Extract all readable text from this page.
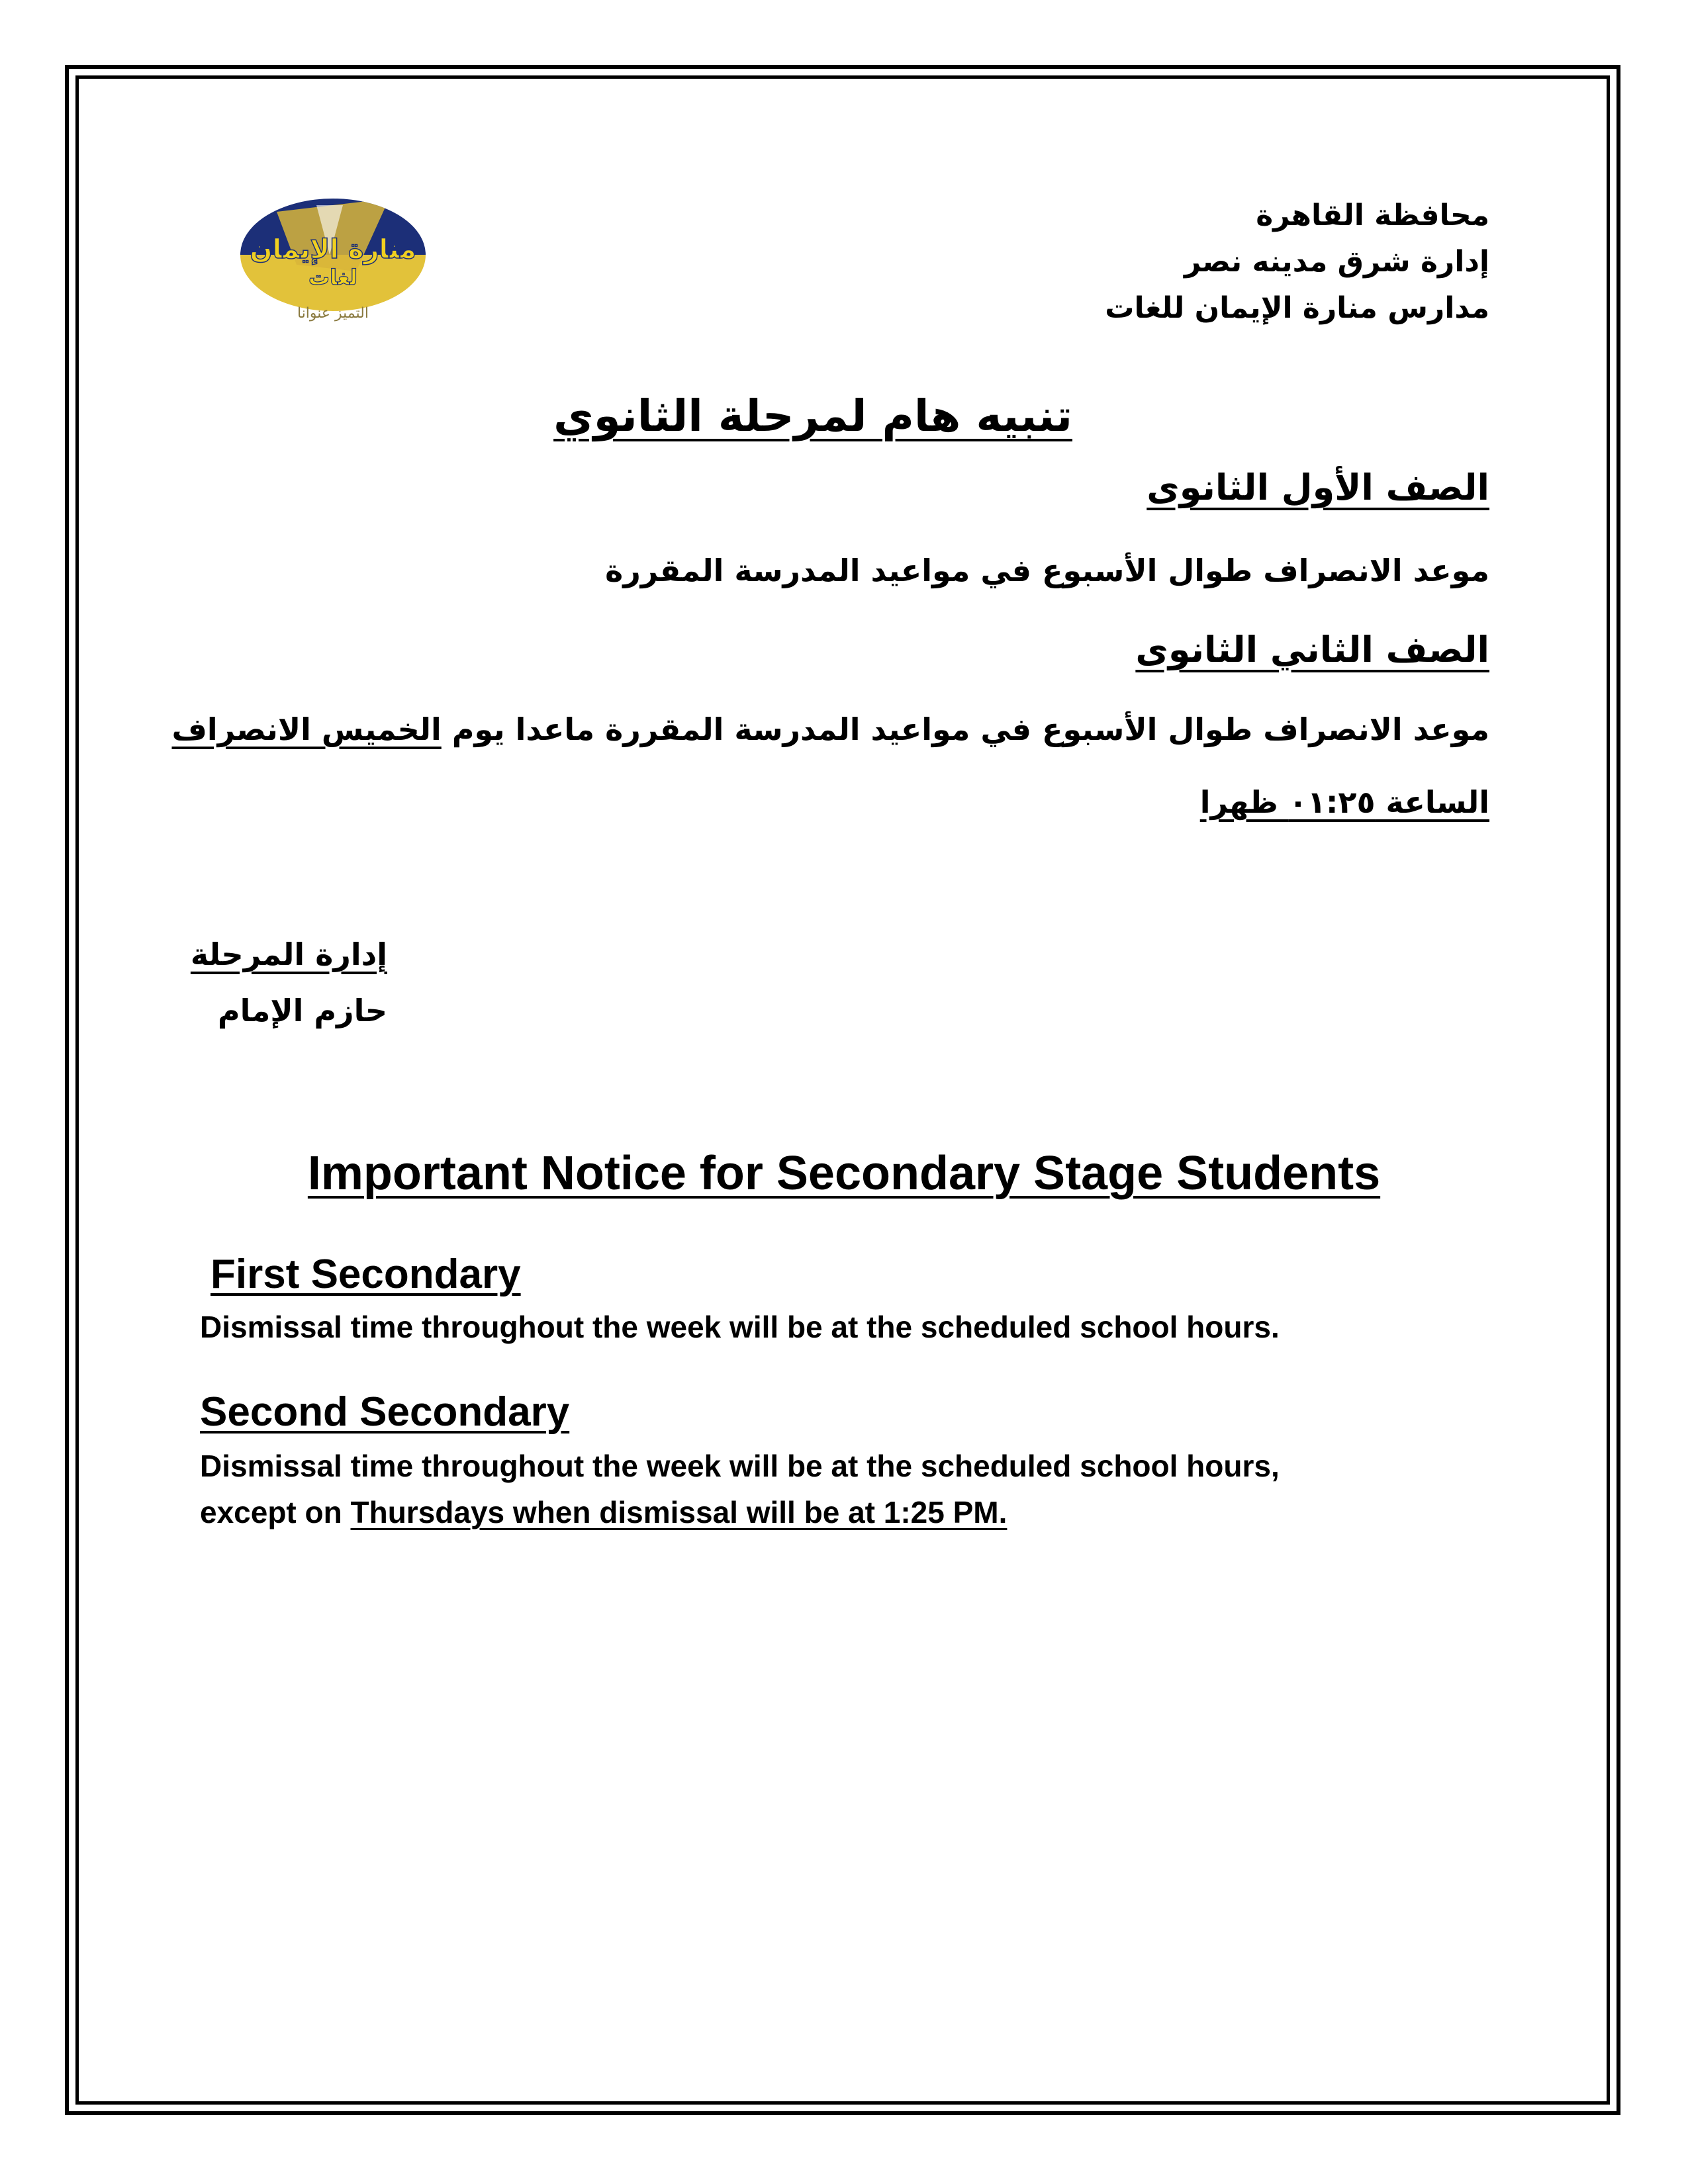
منارة الإيمان
لغات
التميز عنوانا
محافظة القاهرة
إدارة شرق مدينه نصر
مدارس منارة الإيمان للغات
تنبيه هام لمرحلة الثانوي
الصف الأول الثانوى
موعد الانصراف طوال الأسبوع في مواعيد المدرسة المقررة
الصف الثاني الثانوى
موعد الانصراف طوال الأسبوع في مواعيد المدرسة المقررة ماعدا يوم الخميس الانصراف
الساعة ٠١:٢٥ ظهرا
إدارة المرحلة
حازم الإمام
Important Notice for Secondary Stage Students
First Secondary
Dismissal time throughout the week will be at the scheduled school hours.
Second Secondary
Dismissal time throughout the week will be at the scheduled school hours,
except on Thursdays when dismissal will be at 1:25 PM.
